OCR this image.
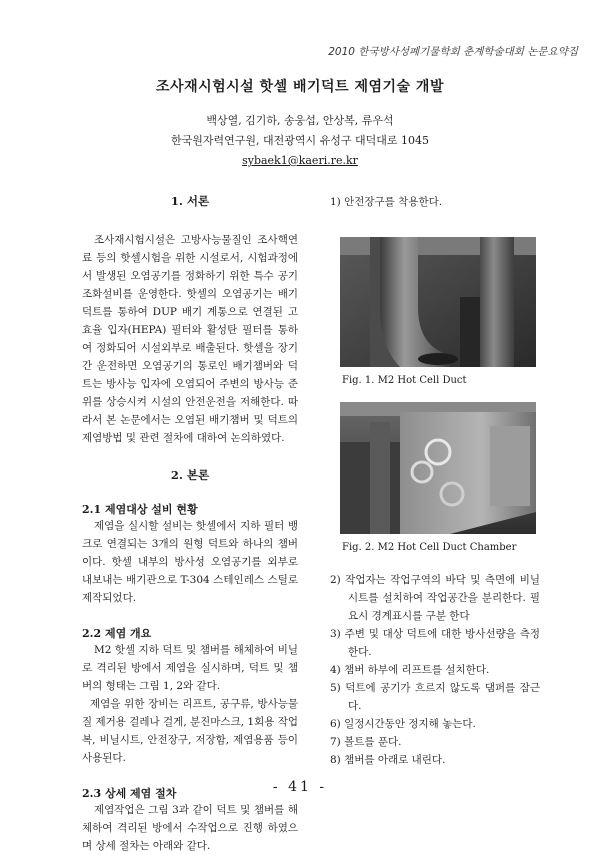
2010 한국방사성폐기물학회 춘계학술대회 논문요약집
조사재시험시설 핫셀 배기덕트 제염기술 개발
백상열, 김기하, 송웅섭, 안상복, 류우석
한국원자력연구원, 대전광역시 유성구 대덕대로 1045
sybaek1@kaeri.re.kr
1. 서론

조사재시험시설은 고방사능물질인 조사핵연료 등의 핫셀시험을 위한 시설로서, 시험과정에서 발생된 오염공기를 정화하기 위한 특수 공기조화설비를 운영한다. 핫셀의 오염공기는 배기 덕트를 통하여 DUP 배기 계통으로 연결된 고효율 입자(HEPA) 필터와 활성탄 필터를 통하여 정화되어 시설외부로 배출된다. 핫셀을 장기간 운전하면 오염공기의 통로인 배기챔버와 덕트는 방사능 입자에 오염되어 주변의 방사능 준위를 상승시켜 시설의 안전운전을 저해한다. 따라서 본 논문에서는 오염된 배기챔버 및 덕트의 제염방법 및 관련 절차에 대하여 논의하였다.

2. 본론
2.1 제염대상 설비 현황

제염을 실시할 설비는 핫셀에서 지하 필터 뱅크로 연결되는 3개의 원형 덕트와 하나의 챔버이다. 핫셀 내부의 방사성 오염공기를 외부로 내보내는 배기관으로 T-304 스테인레스 스틸로 제작되었다.

2.2 제염 개요

M2 핫셀 지하 덕트 및 챔버를 해체하여 비닐로 격리된 방에서 제염을 실시하며, 덕트 및 챔버의 형태는 그림 1, 2와 같다.

제염을 위한 장비는 리프트, 공구류, 방사능물질 제거용 걸레나 걸게, 분진마스크, 1회용 작업복, 비닐시트, 안전장구, 저장함, 제염용품 등이 사용된다.

2.3 상세 제염 절차

제염작업은 그림 3과 같이 덕트 및 챔버를 해체하여 격리된 방에서 수작업으로 진행 하였으며 상세 절차는 아래와 같다.

1) 안전장구를 착용한다.
Fig. 1. M2 Hot Cell Duct
Fig. 2. M2 Hot Cell Duct Chamber

2) 작업자는 작업구역의 바닥 및 측면에 비닐시트를 설치하여 작업공간을 분리한다. 필요시 경계표시를 구분 한다

3) 주변 및 대상 덕트에 대한 방사선량을 측정한다.

4) 챔버 하부에 리프트를 설치한다.

5) 덕트에 공기가 흐르지 않도록 댐퍼를 잠근다.

6) 일정시간동안 정지해 놓는다.

7) 볼트를 푼다.

8) 챔버를 아래로 내린다.

- 41 -
